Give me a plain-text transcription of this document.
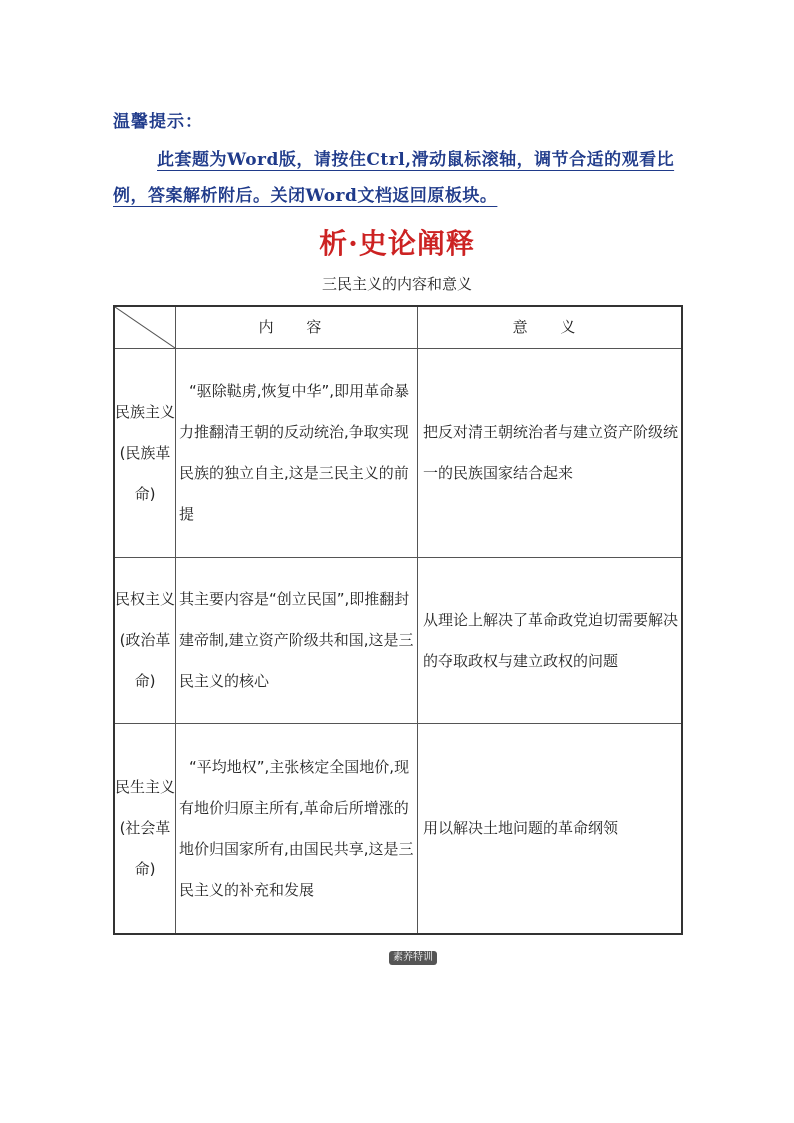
温馨提示：
此套题为Word版，请按住Ctrl,滑动鼠标滚轴，调节合适的观看比例，答案解析附后。关闭Word文档返回原板块。
析·史论阐释
三民主义的内容和意义
	内 容	意 义
民族主义(民族革命)	“驱除鞑虏,恢复中华”,即用革命暴力推翻清王朝的反动统治,争取实现民族的独立自主,这是三民主义的前提	把反对清王朝统治者与建立资产阶级统一的民族国家结合起来
民权主义(政治革命)	其主要内容是“创立民国”,即推翻封建帝制,建立资产阶级共和国,这是三民主义的核心	从理论上解决了革命政党迫切需要解决的夺取政权与建立政权的问题
民生主义(社会革命)	“平均地权”,主张核定全国地价,现有地价归原主所有,革命后所增涨的地价归国家所有,由国民共享,这是三民主义的补充和发展	用以解决土地问题的革命纲领
素养特训
